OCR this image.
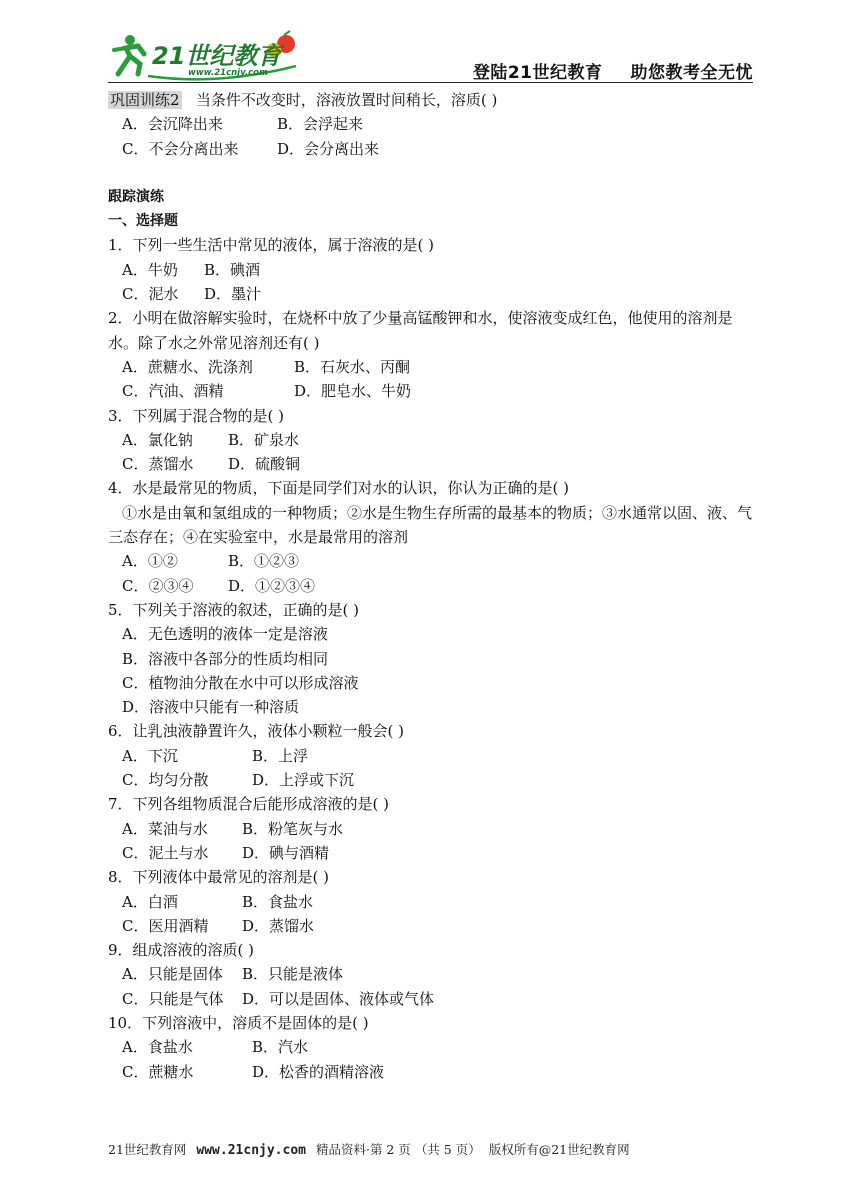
21世纪教育
www.21cnjy.com	登陆21世纪教育 助您教考全无忧
巩固训练2 当条件不改变时，溶液放置时间稍长，溶质( )
A．会沉降出来	B．会浮起来
C．不会分离出来	D．会分离出来
跟踪演练
一、选择题
1．下列一些生活中常见的液体，属于溶液的是( )
A．牛奶 B．碘酒
C．泥水 D．墨汁
2．小明在做溶解实验时，在烧杯中放了少量高锰酸钾和水，使溶液变成红色，他使用的溶剂是水。除了水之外常见溶剂还有( )
A．蔗糖水、洗涤剂	B．石灰水、丙酮
C．汽油、酒精	D．肥皂水、牛奶
3．下列属于混合物的是( )
A．氯化钠 B．矿泉水
C．蒸馏水 D．硫酸铜
4．水是最常见的物质，下面是同学们对水的认识，你认为正确的是( )
①水是由氧和氢组成的一种物质；②水是生物生存所需的最基本的物质；③水通常以固、液、气三态存在；④在实验室中，水是最常用的溶剂
A．①②	B．①②③
C．②③④ D．①②③④
5．下列关于溶液的叙述，正确的是( )
A．无色透明的液体一定是溶液
B．溶液中各部分的性质均相同
C．植物油分散在水中可以形成溶液
D．溶液中只能有一种溶质
6．让乳浊液静置许久，液体小颗粒一般会( )
A．下沉	B．上浮
C．均匀分散	D．上浮或下沉
7．下列各组物质混合后能形成溶液的是( )
A．菜油与水 B．粉笔灰与水
C．泥土与水 D．碘与酒精
8．下列液体中最常见的溶剂是( )
A．白酒	B．食盐水
C．医用酒精 D．蒸馏水
9．组成溶液的溶质( )
A．只能是固体 B．只能是液体
C．只能是气体 D．可以是固体、液体或气体
10．下列溶液中，溶质不是固体的是( )
A．食盐水	B．汽水
C．蔗糖水	D．松香的酒精溶液
21世纪教育网 www.21cnjy.com 精品资料·第 2 页 （共 5 页） 版权所有@21世纪教育网
